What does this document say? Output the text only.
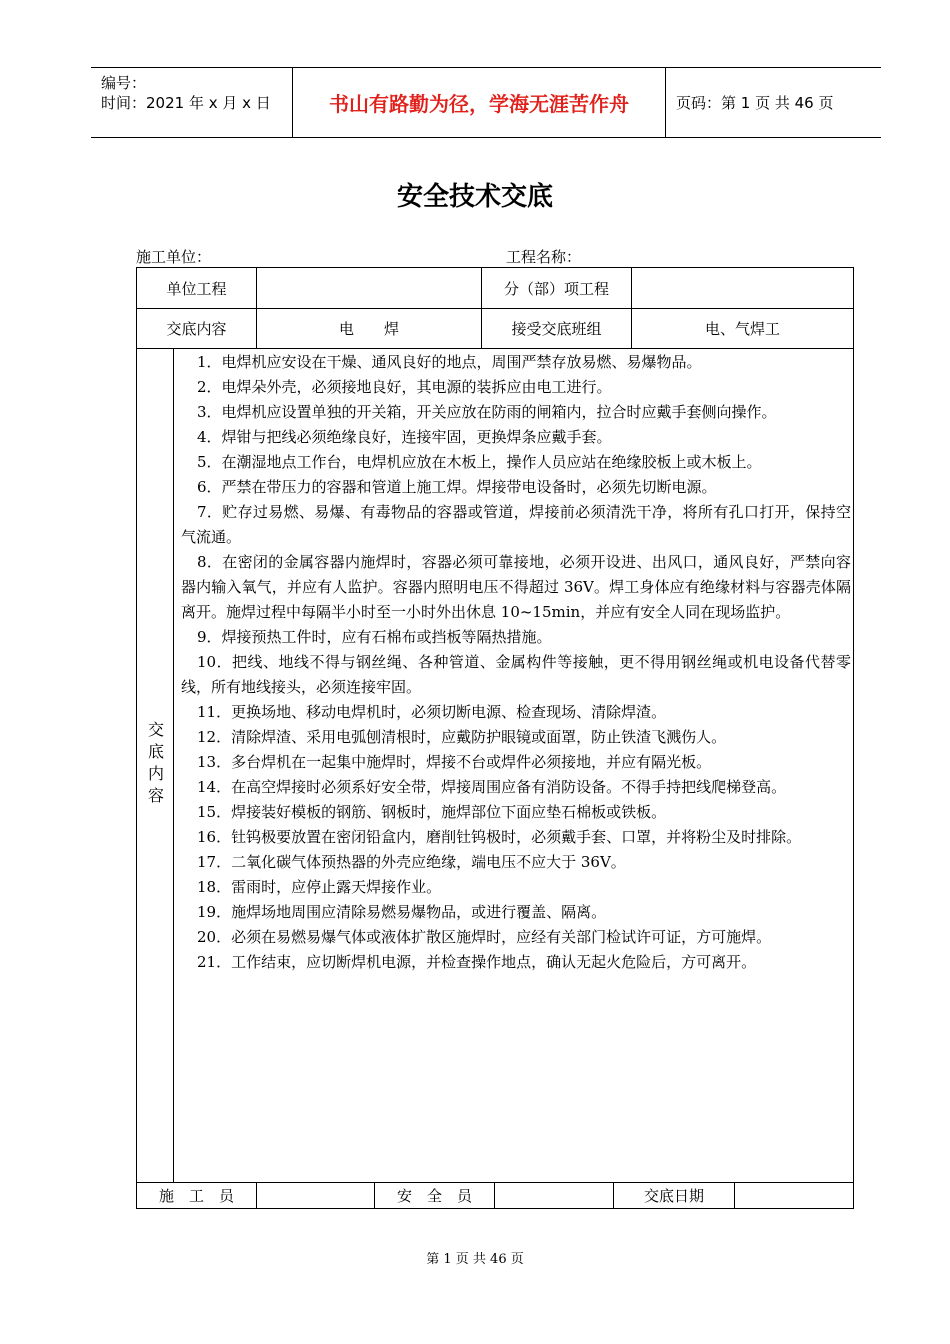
编号：
时间：2021 年 x 月 x 日	书山有路勤为径，学海无涯苦作舟	页码：第 1 页 共 46 页
安全技术交底
施工单位：	工程名称：
单位工程	分（部）项工程
交底内容	电　　焊	接受交底班组	电、气焊工
交底内容

1．电焊机应安设在干燥、通风良好的地点，周围严禁存放易燃、易爆物品。

2．电焊朵外壳，必须接地良好，其电源的装拆应由电工进行。

3．电焊机应设置单独的开关箱，开关应放在防雨的闸箱内，拉合时应戴手套侧向操作。

4．焊钳与把线必须绝缘良好，连接牢固，更换焊条应戴手套。

5．在潮湿地点工作台，电焊机应放在木板上，操作人员应站在绝缘胶板上或木板上。

6．严禁在带压力的容器和管道上施工焊。焊接带电设备时，必须先切断电源。

7．贮存过易燃、易爆、有毒物品的容器或管道，焊接前必须清洗干净，将所有孔口打开，保持空气流通。

8．在密闭的金属容器内施焊时，容器必须可靠接地，必须开设进、出风口，通风良好，严禁向容器内输入氧气，并应有人监护。容器内照明电压不得超过 36V。焊工身体应有绝缘材料与容器壳体隔离开。施焊过程中每隔半小时至一小时外出休息 10~15min，并应有安全人同在现场监护。

9．焊接预热工件时，应有石棉布或挡板等隔热措施。

10．把线、地线不得与钢丝绳、各种管道、金属构件等接触，更不得用钢丝绳或机电设备代替零线，所有地线接头，必须连接牢固。

11．更换场地、移动电焊机时，必须切断电源、检查现场、清除焊渣。

12．清除焊渣、采用电弧刨清根时，应戴防护眼镜或面罩，防止铁渣飞溅伤人。

13．多台焊机在一起集中施焊时，焊接不台或焊件必须接地，并应有隔光板。

14．在高空焊接时必须系好安全带，焊接周围应备有消防设备。不得手持把线爬梯登高。

15．焊接装好模板的钢筋、钢板时，施焊部位下面应垫石棉板或铁板。

16．钍钨极要放置在密闭铅盒内，磨削钍钨极时，必须戴手套、口罩，并将粉尘及时排除。

17．二氧化碳气体预热器的外壳应绝缘，端电压不应大于 36V。

18．雷雨时，应停止露天焊接作业。

19．施焊场地周围应清除易燃易爆物品，或进行覆盖、隔离。

20．必须在易燃易爆气体或液体扩散区施焊时，应经有关部门检试许可证，方可施焊。

21．工作结束，应切断焊机电源，并检查操作地点，确认无起火危险后，方可离开。

施　工　员	安　全　员	交底日期
第 1 页 共 46 页
